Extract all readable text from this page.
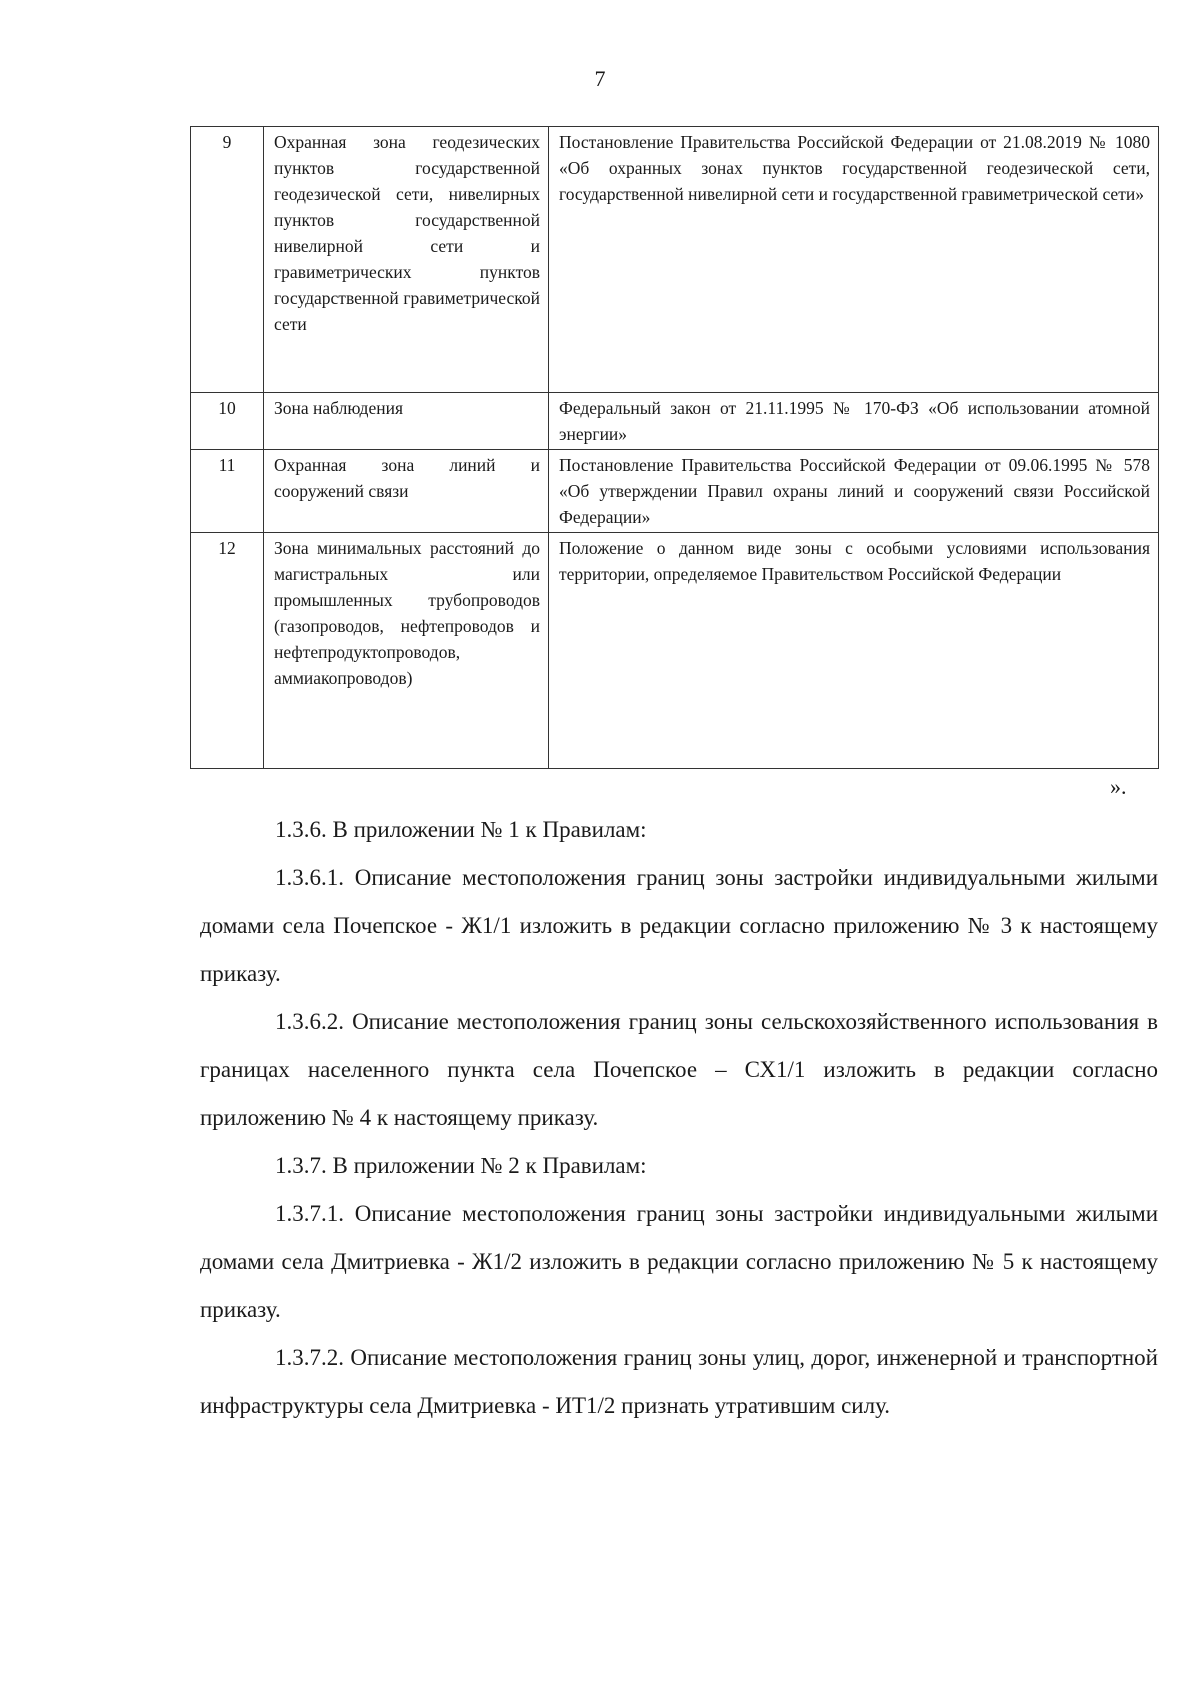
7
9	Охранная зона геодезических пунктов государственной геодезической сети, нивелирных пунктов государственной нивелирной сети и гравиметрических пунктов государственной гравиметрической сети	Постановление Правительства Российской Федерации от 21.08.2019 № 1080 «Об охранных зонах пунктов государственной геодезической сети, государственной нивелирной сети и государственной гравиметрической сети»
10	Зона наблюдения	Федеральный закон от 21.11.1995 № 170-ФЗ «Об использовании атомной энергии»
11	Охранная зона линий и сооружений связи	Постановление Правительства Российской Федерации от 09.06.1995 № 578 «Об утверждении Правил охраны линий и сооружений связи Российской Федерации»
12	Зона минимальных расстояний до магистральных или промышленных трубопроводов (газопроводов, нефтепроводов и нефтепродуктопроводов, аммиакопроводов)	Положение о данном виде зоны с особыми условиями использования территории, определяемое Правительством Российской Федерации
».

1.3.6. В приложении № 1 к Правилам:

1.3.6.1. Описание местоположения границ зоны застройки индивидуальными жилыми домами села Почепское - Ж1/1 изложить в редакции согласно приложению № 3 к настоящему приказу.

1.3.6.2. Описание местоположения границ зоны сельскохозяйственного использования в границах населенного пункта села Почепское – СХ1/1 изложить в редакции согласно приложению № 4 к настоящему приказу.

1.3.7. В приложении № 2 к Правилам:

1.3.7.1. Описание местоположения границ зоны застройки индивидуальными жилыми домами села Дмитриевка - Ж1/2 изложить в редакции согласно приложению № 5 к настоящему приказу.

1.3.7.2. Описание местоположения границ зоны улиц, дорог, инженерной и транспортной инфраструктуры села Дмитриевка - ИТ1/2 признать утратившим силу.
